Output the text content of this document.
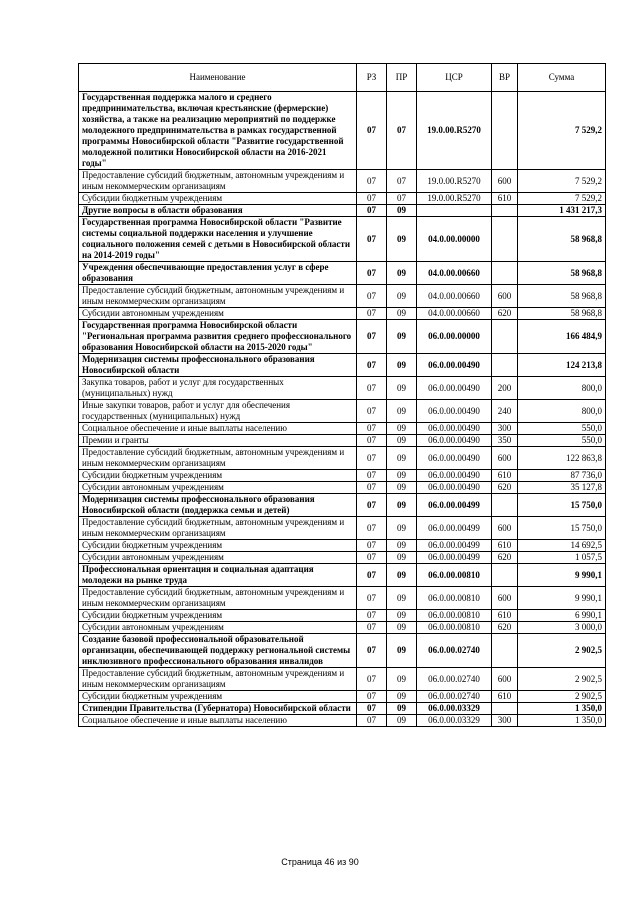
Наименование	РЗ	ПР	ЦСР	ВР	Сумма
Государственная поддержка малого и среднего предпринимательства, включая крестьянские (фермерские) хозяйства, а также на реализацию мероприятий по поддержке молодежного предпринимательства в рамках государственной программы Новосибирской области "Развитие государственной молодежной политики Новосибирской области на 2016-2021 годы"	07	07	19.0.00.R5270		7 529,2
Предоставление субсидий бюджетным, автономным учреждениям и иным некоммерческим организациям	07	07	19.0.00.R5270	600	7 529,2
Субсидии бюджетным учреждениям	07	07	19.0.00.R5270	610	7 529,2
Другие вопросы в области образования	07	09			1 431 217,3
Государственная программа Новосибирской области "Развитие системы социальной поддержки населения и улучшение социального положения семей с детьми в Новосибирской области на 2014-2019 годы"	07	09	04.0.00.00000		58 968,8
Учреждения обеспечивающие предоставления услуг в сфере образования	07	09	04.0.00.00660		58 968,8
Предоставление субсидий бюджетным, автономным учреждениям и иным некоммерческим организациям	07	09	04.0.00.00660	600	58 968,8
Субсидии автономным учреждениям	07	09	04.0.00.00660	620	58 968,8
Государственная программа Новосибирской области "Региональная программа развития среднего профессионального образования Новосибирской области на 2015-2020 годы"	07	09	06.0.00.00000		166 484,9
Модернизация системы профессионального образования Новосибирской области	07	09	06.0.00.00490		124 213,8
Закупка товаров, работ и услуг для государственных (муниципальных) нужд	07	09	06.0.00.00490	200	800,0
Иные закупки товаров, работ и услуг для обеспечения государственных (муниципальных) нужд	07	09	06.0.00.00490	240	800,0
Социальное обеспечение и иные выплаты населению	07	09	06.0.00.00490	300	550,0
Премии и гранты	07	09	06.0.00.00490	350	550,0
Предоставление субсидий бюджетным, автономным учреждениям и иным некоммерческим организациям	07	09	06.0.00.00490	600	122 863,8
Субсидии бюджетным учреждениям	07	09	06.0.00.00490	610	87 736,0
Субсидии автономным учреждениям	07	09	06.0.00.00490	620	35 127,8
Модернизация системы профессионального образования Новосибирской области (поддержка семьи и детей)	07	09	06.0.00.00499		15 750,0
Предоставление субсидий бюджетным, автономным учреждениям и иным некоммерческим организациям	07	09	06.0.00.00499	600	15 750,0
Субсидии бюджетным учреждениям	07	09	06.0.00.00499	610	14 692,5
Субсидии автономным учреждениям	07	09	06.0.00.00499	620	1 057,5
Профессиональная ориентация и социальная адаптация молодежи на рынке труда	07	09	06.0.00.00810		9 990,1
Предоставление субсидий бюджетным, автономным учреждениям и иным некоммерческим организациям	07	09	06.0.00.00810	600	9 990,1
Субсидии бюджетным учреждениям	07	09	06.0.00.00810	610	6 990,1
Субсидии автономным учреждениям	07	09	06.0.00.00810	620	3 000,0
Создание базовой профессиональной образовательной организации, обеспечивающей поддержку региональной системы инклюзивного профессионального образования инвалидов	07	09	06.0.00.02740		2 902,5
Предоставление субсидий бюджетным, автономным учреждениям и иным некоммерческим организациям	07	09	06.0.00.02740	600	2 902,5
Субсидии бюджетным учреждениям	07	09	06.0.00.02740	610	2 902,5
Стипендии Правительства (Губернатора) Новосибирской области	07	09	06.0.00.03329		1 350,0
Социальное обеспечение и иные выплаты населению	07	09	06.0.00.03329	300	1 350,0
Страница 46 из 90
